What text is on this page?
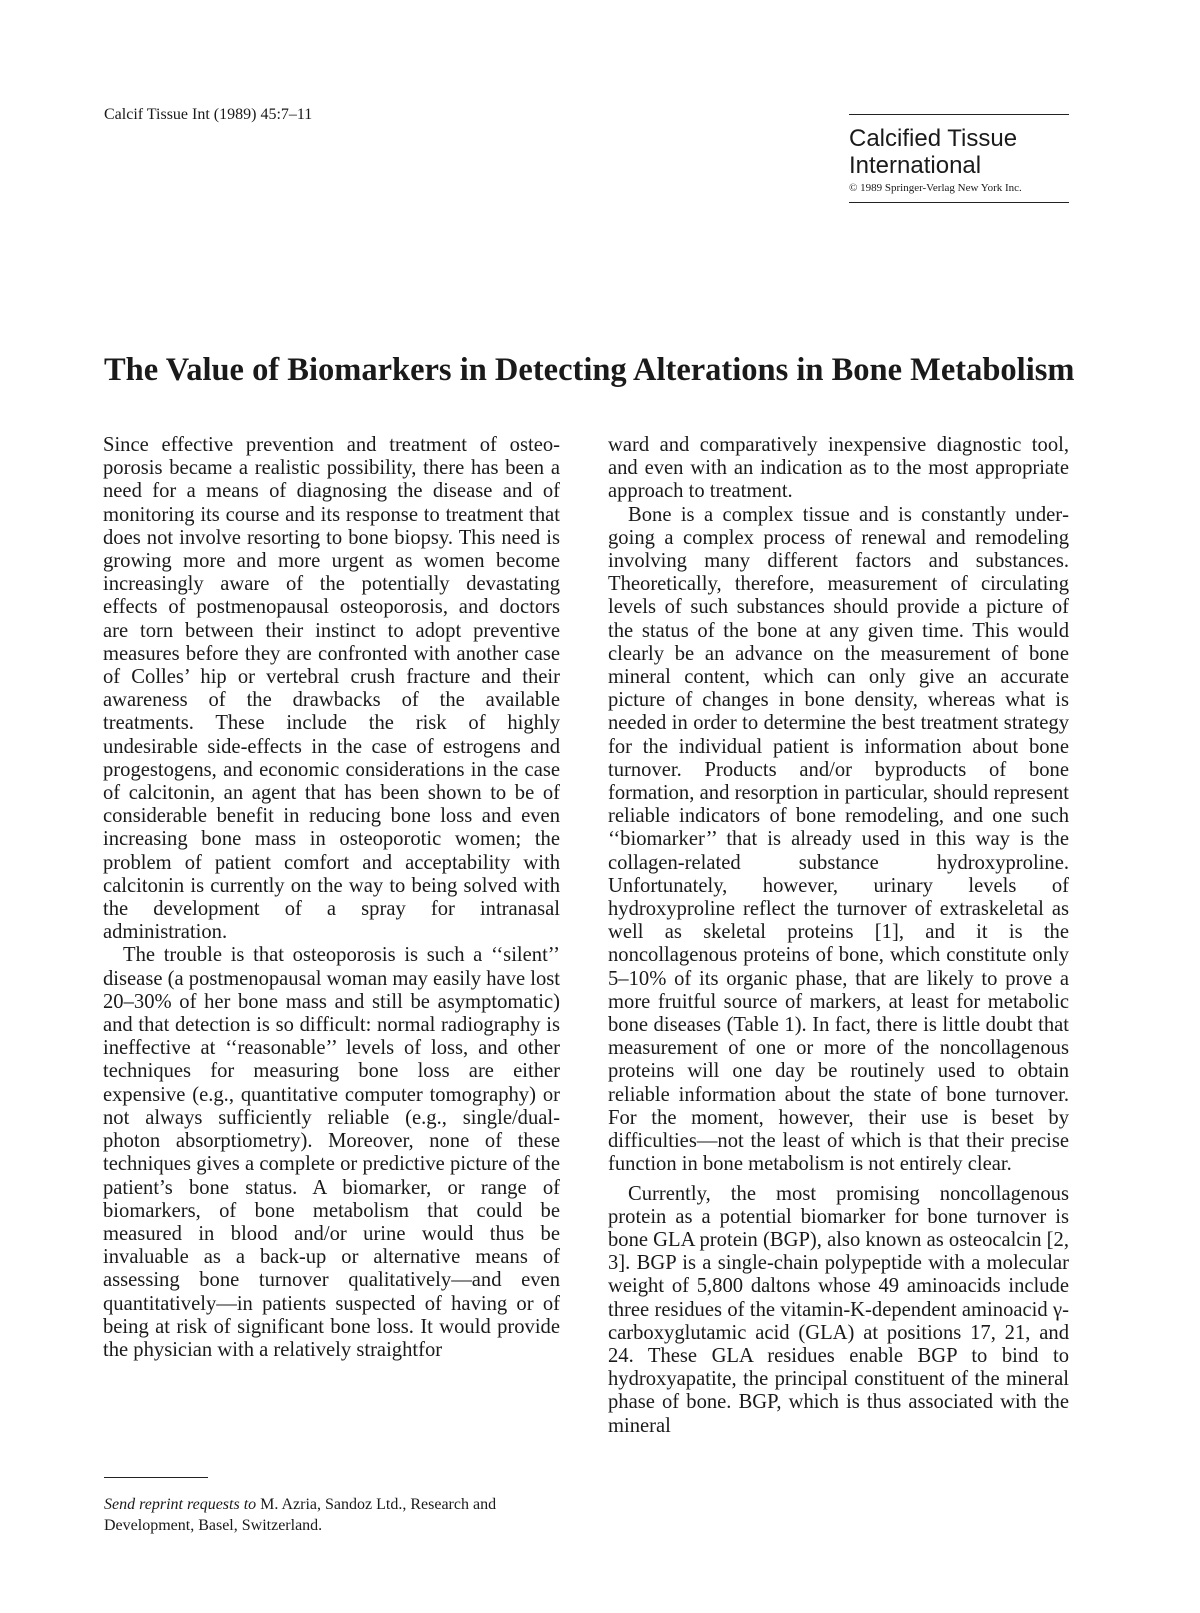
Calcif Tissue Int (1989) 45:7–11
Calcified Tissue
International
© 1989 Springer-Verlag New York Inc.
The Value of Biomarkers in Detecting Alterations in Bone Metabolism

Since effective prevention and treatment of osteoporosis became a realistic possibility, there has been a need for a means of diagnosing the disease and of monitoring its course and its response to treatment that does not involve resorting to bone biopsy. This need is growing more and more urgent as women become increasingly aware of the potentially devastating effects of postmenopausal osteoporosis, and doctors are torn between their instinct to adopt preventive measures before they are confronted with another case of Colles’ hip or vertebral crush fracture and their awareness of the drawbacks of the available treatments. These include the risk of highly undesirable side-effects in the case of estrogens and progestogens, and economic considerations in the case of calcitonin, an agent that has been shown to be of considerable benefit in reducing bone loss and even increasing bone mass in osteoporotic women; the problem of patient comfort and acceptability with calcitonin is currently on the way to being solved with the development of a spray for intranasal administration.

The trouble is that osteoporosis is such a ‘‘silent’’ disease (a postmenopausal woman may easily have lost 20–30% of her bone mass and still be asymptomatic) and that detection is so difficult: normal radiography is ineffective at ‘‘reasonable’’ levels of loss, and other techniques for measuring bone loss are either expensive (e.g., quantitative computer tomography) or not always sufficiently reliable (e.g., single/dual-photon absorptiometry). Moreover, none of these techniques gives a complete or predictive picture of the patient’s bone status. A biomarker, or range of biomarkers, of bone metabolism that could be measured in blood and/or urine would thus be invaluable as a back-up or alternative means of assessing bone turnover qualitatively—and even quantitatively—in patients suspected of having or of being at risk of significant bone loss. It would provide the physician with a relatively straightfor

ward and comparatively inexpensive diagnostic tool, and even with an indication as to the most appropriate approach to treatment.

Bone is a complex tissue and is constantly undergoing a complex process of renewal and remodeling involving many different factors and substances. Theoretically, therefore, measurement of circulating levels of such substances should provide a picture of the status of the bone at any given time. This would clearly be an advance on the measurement of bone mineral content, which can only give an accurate picture of changes in bone density, whereas what is needed in order to determine the best treatment strategy for the individual patient is information about bone turnover. Products and/or byproducts of bone formation, and resorption in particular, should represent reliable indicators of bone remodeling, and one such ‘‘biomarker’’ that is already used in this way is the collagen-related substance hydroxyproline. Unfortunately, however, urinary levels of hydroxyproline reflect the turnover of extraskeletal as well as skeletal proteins [1], and it is the noncollagenous proteins of bone, which constitute only 5–10% of its organic phase, that are likely to prove a more fruitful source of markers, at least for metabolic bone diseases (Table 1). In fact, there is little doubt that measurement of one or more of the noncollagenous proteins will one day be routinely used to obtain reliable information about the state of bone turnover. For the moment, however, their use is beset by difficulties—not the least of which is that their precise function in bone metabolism is not entirely clear.

Currently, the most promising noncollagenous protein as a potential biomarker for bone turnover is bone GLA protein (BGP), also known as osteocalcin [2, 3]. BGP is a single-chain polypeptide with a molecular weight of 5,800 daltons whose 49 aminoacids include three residues of the vitamin-K-dependent aminoacid γ-carboxyglutamic acid (GLA) at positions 17, 21, and 24. These GLA residues enable BGP to bind to hydroxyapatite, the principal constituent of the mineral phase of bone. BGP, which is thus associated with the mineral

Send reprint requests to M. Azria, Sandoz Ltd., Research and Development, Basel, Switzerland.
